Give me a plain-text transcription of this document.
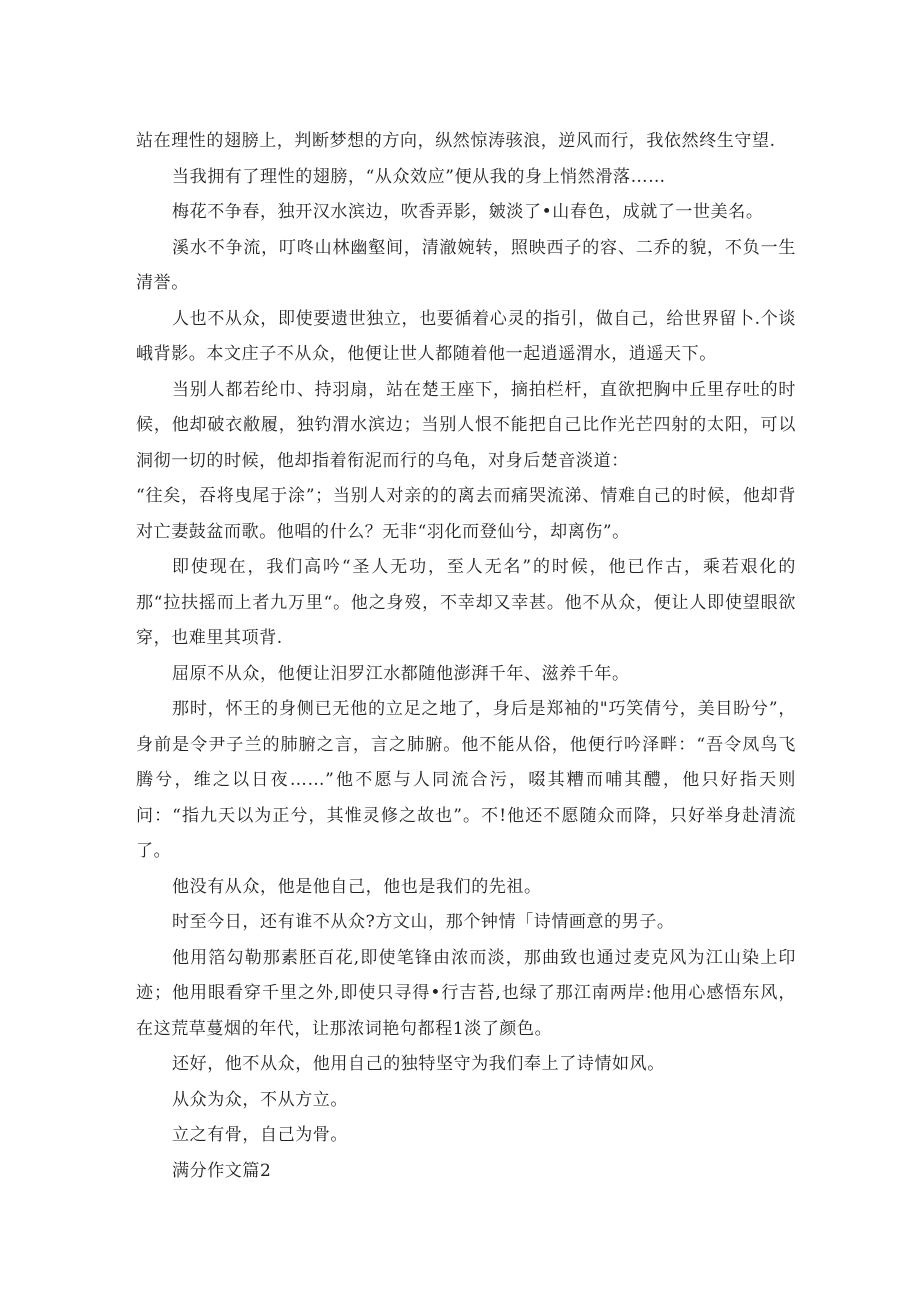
站在理性的翅膀上，判断梦想的方向，纵然惊涛骇浪，逆风而行，我依然终生守望.

当我拥有了理性的翅膀，“从众效应”便从我的身上悄然滑落……

梅花不争春，独开汉水滨边，吹香弄影，皴淡了•山春色，成就了一世美名。

溪水不争流，叮咚山林幽壑间，清澈婉转，照映西子的容、二乔的貌，不负一生清誉。

人也不从众，即使要遗世独立，也要循着心灵的指引，做自己，给世界留卜.个谈峨背影。本文庄子不从众，他便让世人都随着他一起逍遥渭水，逍遥天下。

当别人都若纶巾、持羽扇，站在楚王座下，摘拍栏杆，直欲把胸中丘里存吐的时候，他却破衣敝履，独钓渭水滨边；当别人恨不能把自己比作光芒四射的太阳，可以洞彻一切的时候，他却指着衔泥而行的乌龟，对身后楚音淡道：

“往矣，吞将曳尾于涂”；当别人对亲的的离去而痛哭流涕、情难自己的时候，他却背对亡妻鼓盆而歌。他唱的什么？无非“羽化而登仙兮，却离伤”。

即使现在，我们高吟“圣人无功，至人无名”的时候，他已作古，乘若艰化的那“拉扶摇而上者九万里“。他之身歿，不幸却又幸甚。他不从众，便让人即使望眼欲穿，也难里其项背.

屈原不从众，他便让汨罗江水都随他澎湃千年、滋养千年。

那时，怀王的身侧已无他的立足之地了，身后是郑袖的"巧笑倩兮，美目盼兮”，身前是令尹子兰的肺腑之言，言之肺腑。他不能从俗，他便行吟泽畔：“吾令凤鸟飞腾兮，维之以日夜……”他不愿与人同流合污，啜其糟而哺其醴，他只好指天则问：“指九天以为正兮，其惟灵修之故也”。不!他还不愿随众而降，只好举身赴清流了。

他没有从众，他是他自己，他也是我们的先祖。

时至今日，还有谁不从众?方文山，那个钟情「诗情画意的男子。

他用箔勾勒那素胚百花,即使笔锋由浓而淡，那曲致也通过麦克风为江山染上印迹；他用眼看穿千里之外,即使只寻得•行吉苔,也绿了那江南两岸:他用心感悟东风，在这荒草蔓烟的年代，让那浓词艳句都程1淡了颜色。

还好，他不从众，他用自己的独特坚守为我们奉上了诗情如风。

从众为众，不从方立。

立之有骨，自己为骨。

满分作文篇2
